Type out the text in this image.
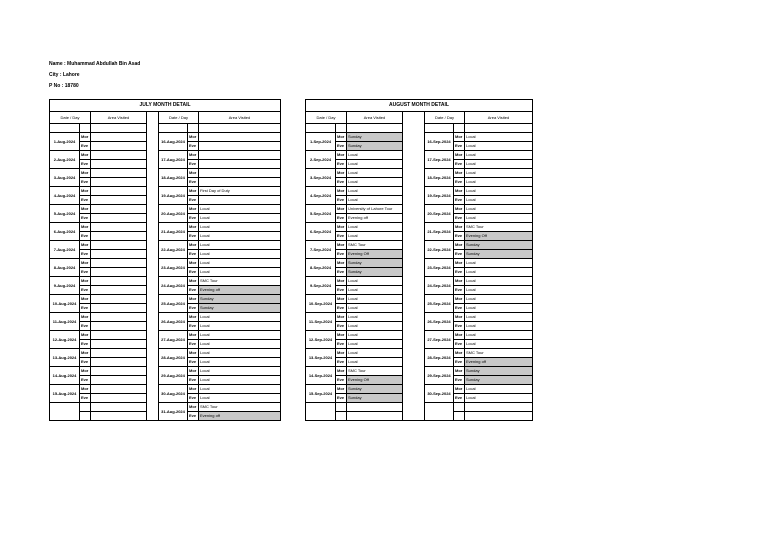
Name : Muhammad Abdullah Bin Asad
City : Lahore
P No : 18780
JULY MONTH DETAIL						
Date / Day		Area Visited		Date / Day		Area Visited

1-Aug-2024	Mor			16-Aug-2024	Mor	
	Eve				Eve	
2-Aug-2024	Mor			17-Aug-2024	Mor	
	Eve				Eve	
3-Aug-2024	Mor			18-Aug-2024	Mor	
	Eve				Eve	
4-Aug-2024	Mor			19-Aug-2024	Mor	First Day of Duty
	Eve				Eve	
5-Aug-2024	Mor			20-Aug-2024	Mor	Local
	Eve				Eve	Local
6-Aug-2024	Mor			21-Aug-2024	Mor	Local
	Eve				Eve	Local
7-Aug-2024	Mor			22-Aug-2024	Mor	Local
	Eve				Eve	Local
8-Aug-2024	Mor			23-Aug-2024	Mor	Local
	Eve				Eve	Local
9-Aug-2024	Mor			24-Aug-2024	Mor	SMC Tour
	Eve				Eve	Evening off
10-Aug-2024	Mor			25-Aug-2024	Mor	Sunday
	Eve				Eve	Sunday
11-Aug-2024	Mor			26-Aug-2024	Mor	Local
	Eve				Eve	Local
12-Aug-2024	Mor			27-Aug-2024	Mor	Local
	Eve				Eve	Local
13-Aug-2024	Mor			28-Aug-2024	Mor	Local
	Eve				Eve	Local
14-Aug-2024	Mor			29-Aug-2024	Mor	Local
	Eve				Eve	Local
15-Aug-2024	Mor			30-Aug-2024	Mor	Local
	Eve				Eve	Local
				31-Aug-2024	Mor	SMC Tour
					Eve	Evening off
AUGUST MONTH DETAIL						
Date / Day		Area Visited		Date / Day		Area Visited

1-Sep-2024	Mor	Sunday		16-Sep-2024	Mor	Local
	Eve	Sunday			Eve	Local
2-Sep-2024	Mor	Local		17-Sep-2024	Mor	Local
	Eve	Local			Eve	Local
3-Sep-2024	Mor	Local		18-Sep-2024	Mor	Local
	Eve	Local			Eve	Local
4-Sep-2024	Mor	Local		19-Sep-2024	Mor	Local
	Eve	Local			Eve	Local
5-Sep-2024	Mor	University of Lahore Tour		20-Sep-2024	Mor	Local
	Eve	Evening off			Eve	Local
6-Sep-2024	Mor	Local		21-Sep-2024	Mor	SMC Tour
	Eve	Local			Eve	Evening Off
7-Sep-2024	Mor	SMC Tour		22-Sep-2024	Mor	Sunday
	Eve	Evening Off			Eve	Sunday
8-Sep-2024	Mor	Sunday		23-Sep-2024	Mor	Local
	Eve	Sunday			Eve	Local
9-Sep-2024	Mor	Local		24-Sep-2024	Mor	Local
	Eve	Local			Eve	Local
10-Sep-2024	Mor	Local		25-Sep-2024	Mor	Local
	Eve	Local			Eve	Local
11-Sep-2024	Mor	Local		26-Sep-2024	Mor	Local
	Eve	Local			Eve	Local
12-Sep-2024	Mor	Local		27-Sep-2024	Mor	Local
	Eve	Local			Eve	Local
13-Sep-2024	Mor	Local		28-Sep-2024	Mor	SMC Tour
	Eve	Local			Eve	Evening off
14-Sep-2024	Mor	SMC Tour		29-Sep-2024	Mor	Sunday
	Eve	Evening Off			Eve	Sunday
15-Sep-2024	Mor	Sunday		30-Sep-2024	Mor	Local
	Eve	Sunday			Eve	Local
